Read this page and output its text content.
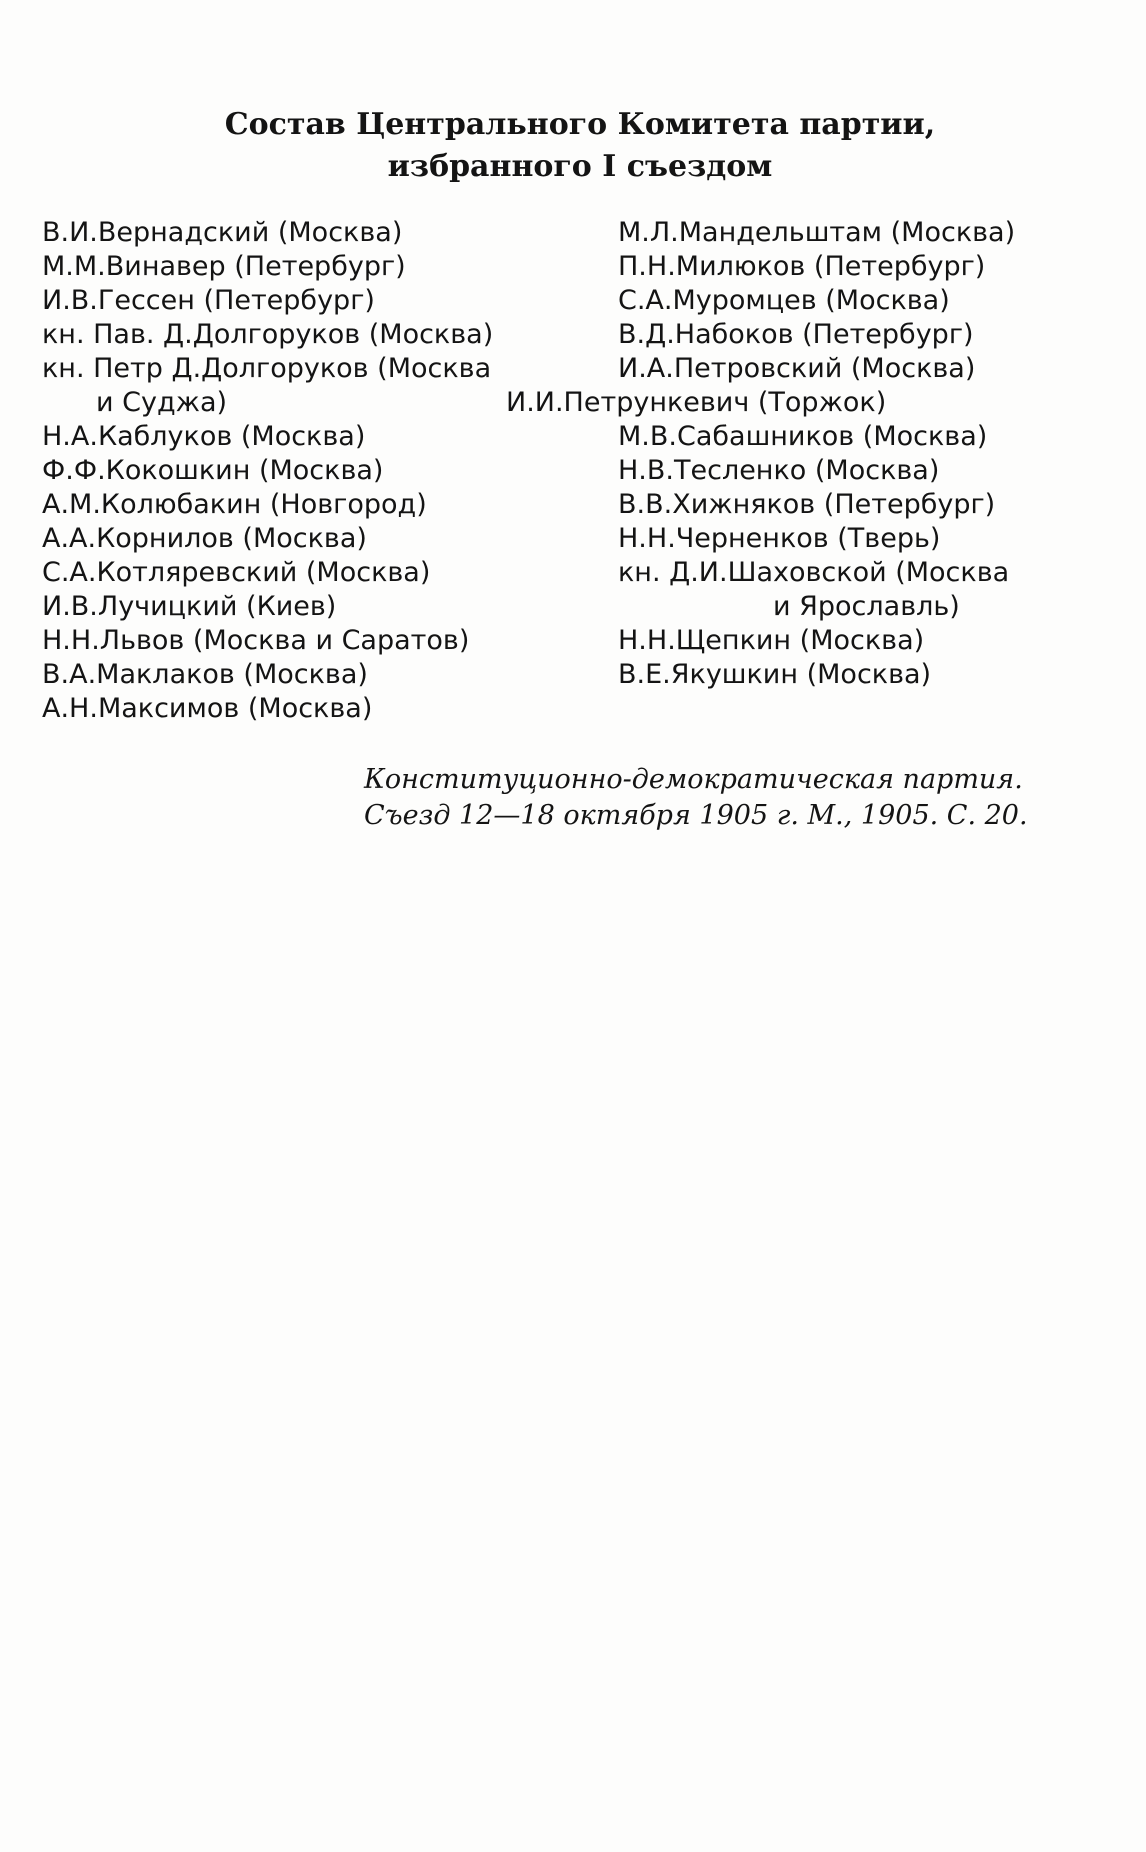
Состав Центрального Комитета партии,
избранного I съездом
В.И.Вернадский (Москва)
М.М.Винавер (Петербург)
И.В.Гессен (Петербург)
кн. Пав. Д.Долгоруков (Москва)
кн. Петр Д.Долгоруков (Москва
и Суджа)
Н.А.Каблуков (Москва)
Ф.Ф.Кокошкин (Москва)
А.М.Колюбакин (Новгород)
А.А.Корнилов (Москва)
С.А.Котляревский (Москва)
И.В.Лучицкий (Киев)
Н.Н.Львов (Москва и Саратов)
В.А.Маклаков (Москва)
А.Н.Максимов (Москва)
М.Л.Мандельштам (Москва)
П.Н.Милюков (Петербург)
С.А.Муромцев (Москва)
В.Д.Набоков (Петербург)
И.А.Петровский (Москва)
И.И.Петрункевич (Торжок)
М.В.Сабашников (Москва)
Н.В.Тесленко (Москва)
В.В.Хижняков (Петербург)
Н.Н.Черненков (Тверь)
кн. Д.И.Шаховской (Москва
и Ярославль)
Н.Н.Щепкин (Москва)
В.Е.Якушкин (Москва)
Конституционно-демократическая партия.
Съезд 12—18 октября 1905 г. М., 1905. С. 20.
